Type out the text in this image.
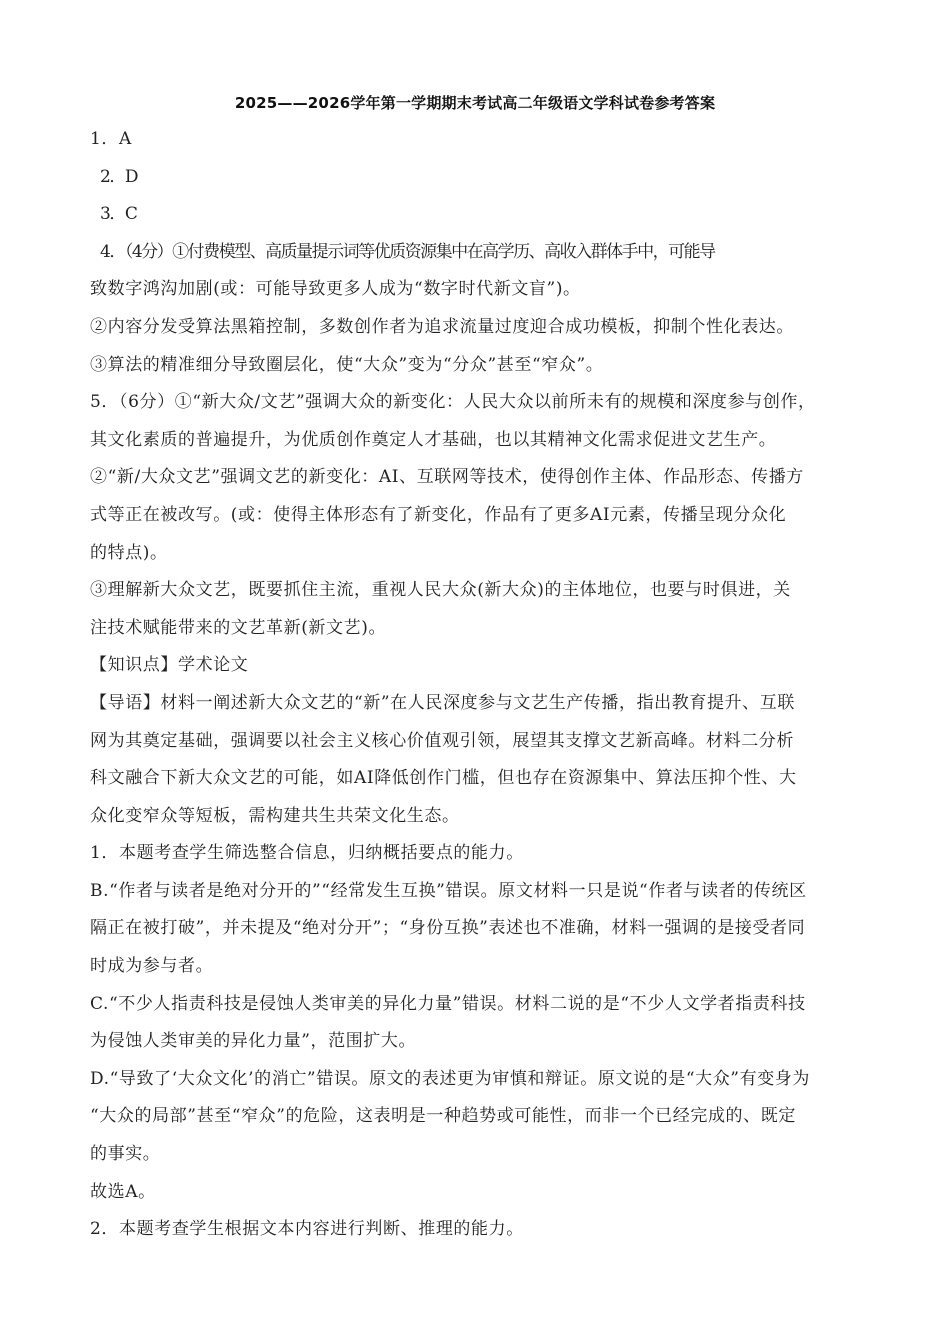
2025——2026学年第一学期期末考试高二年级语文学科试卷参考答案

1．A

2．D

3．C

4．（4分）①付费模型、高质量提示词等优质资源集中在高学历、高收入群体手中，可能导

致数字鸿沟加剧(或：可能导致更多人成为“数字时代新文盲”)。

②内容分发受算法黑箱控制，多数创作者为追求流量过度迎合成功模板，抑制个性化表达。

③算法的精准细分导致圈层化，使“大众”变为“分众”甚至“窄众”。

5．（6分）①“新大众/文艺”强调大众的新变化：人民大众以前所未有的规模和深度参与创作，

其文化素质的普遍提升，为优质创作奠定人才基础，也以其精神文化需求促进文艺生产。

②“新/大众文艺”强调文艺的新变化：AI、互联网等技术，使得创作主体、作品形态、传播方

式等正在被改写。(或：使得主体形态有了新变化，作品有了更多AI元素，传播呈现分众化

的特点)。

③理解新大众文艺，既要抓住主流，重视人民大众(新大众)的主体地位，也要与时俱进，关

注技术赋能带来的文艺革新(新文艺)。

【知识点】学术论文

【导语】材料一阐述新大众文艺的“新”在人民深度参与文艺生产传播，指出教育提升、互联

网为其奠定基础，强调要以社会主义核心价值观引领，展望其支撑文艺新高峰。材料二分析

科文融合下新大众文艺的可能，如AI降低创作门槛，但也存在资源集中、算法压抑个性、大

众化变窄众等短板，需构建共生共荣文化生态。

1．本题考查学生筛选整合信息，归纳概括要点的能力。

B.“作者与读者是绝对分开的”“经常发生互换”错误。原文材料一只是说“作者与读者的传统区

隔正在被打破”，并未提及“绝对分开”；“身份互换”表述也不准确，材料一强调的是接受者同

时成为参与者。

C.“不少人指责科技是侵蚀人类审美的异化力量”错误。材料二说的是“不少人文学者指责科技

为侵蚀人类审美的异化力量”，范围扩大。

D.“导致了‘大众文化’的消亡”错误。原文的表述更为审慎和辩证。原文说的是“大众”有变身为

“大众的局部”甚至“窄众”的危险，这表明是一种趋势或可能性，而非一个已经完成的、既定

的事实。

故选A。

2．本题考查学生根据文本内容进行判断、推理的能力。
